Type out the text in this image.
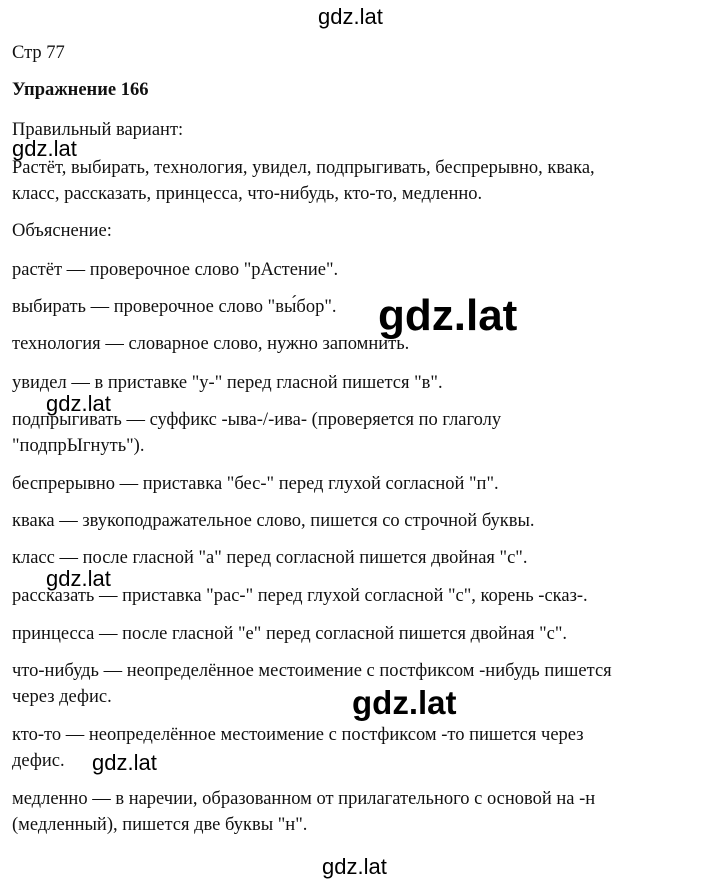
Стр 77

Упражнение 166

Правильный вариант:

Растёт, выбирать, технология, увидел, подпрыгивать, беспрерывно, квака,

класс, рассказать, принцесса, что-нибудь, кто-то, медленно.

Объяснение:

растёт — проверочное слово "рАстение".

выбирать — проверочное слово "вы́бор".

технология — словарное слово, нужно запомнить.

увидел — в приставке "у-" перед гласной пишется "в".

подпрыгивать — суффикс -ыва-/-ива- (проверяется по глаголу

"подпрЫгнуть").

беспрерывно — приставка "бес-" перед глухой согласной "п".

квака — звукоподражательное слово, пишется со строчной буквы.

класс — после гласной "а" перед согласной пишется двойная "с".

рассказать — приставка "рас-" перед глухой согласной "с", корень -сказ-.

принцесса — после гласной "е" перед согласной пишется двойная "с".

что-нибудь — неопределённое местоимение с постфиксом -нибудь пишется

через дефис.

кто-то — неопределённое местоимение с постфиксом -то пишется через

дефис.

медленно — в наречии, образованном от прилагательного с основой на -н

(медленный), пишется две буквы "н".

gdz.lat
gdz.lat
gdz.lat
gdz.lat
gdz.lat
gdz.lat
gdz.lat
gdz.lat
